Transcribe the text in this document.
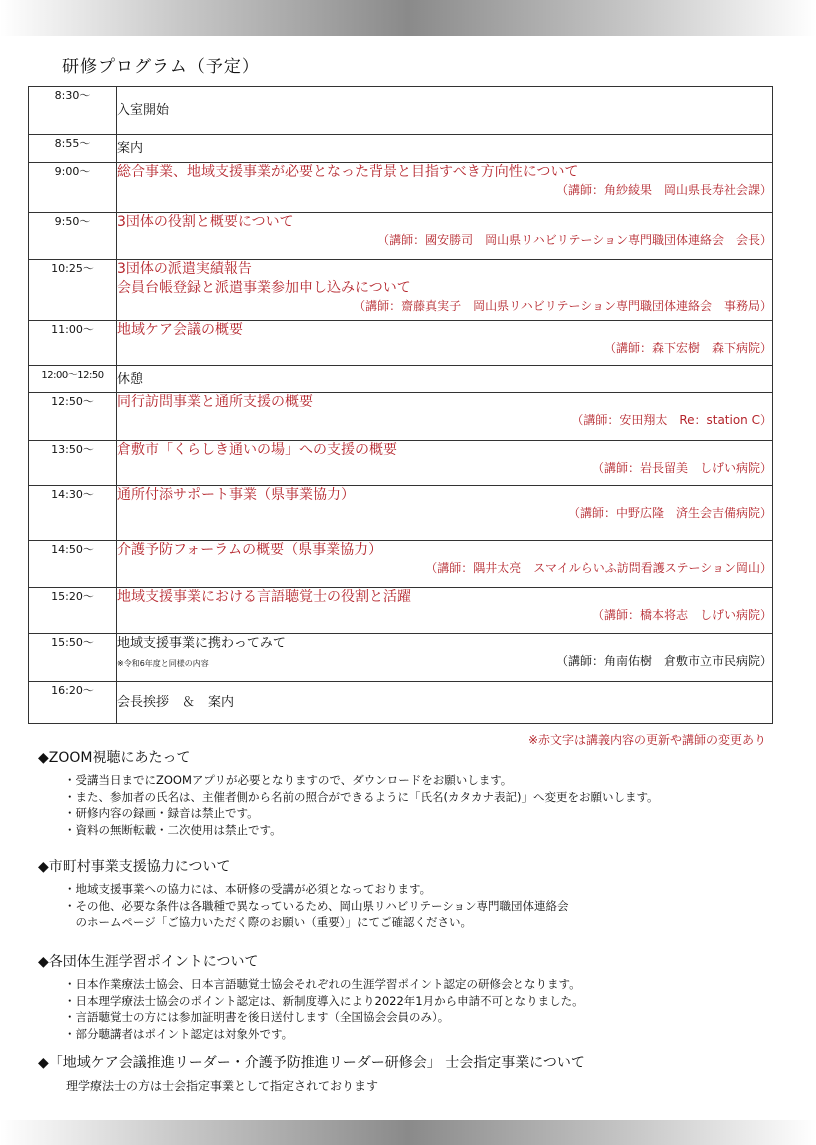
研修プログラム（予定）
8:30～	入室開始

8:55～	案内

9:00～	総合事業、地域支援事業が必要となった背景と目指すべき方向性について
（講師：角紗綾果　岡山県長寿社会課）

9:50～	3団体の役割と概要について
（講師：國安勝司　岡山県リハビリテーション専門職団体連絡会　会長）

10:25～	3団体の派遣実績報告
会員台帳登録と派遣事業参加申し込みについて
（講師：齋藤真実子　岡山県リハビリテーション専門職団体連絡会　事務局）

11:00～	地域ケア会議の概要
（講師：森下宏樹　森下病院）

12:00～12:50	休憩

12:50～	同行訪問事業と通所支援の概要
（講師：安田翔太　Re：station C）

13:50～	倉敷市「くらしき通いの場」への支援の概要
（講師：岩長留美　しげい病院）

14:30～	通所付添サポート事業（県事業協力）
（講師：中野広隆　済生会吉備病院）

14:50～	介護予防フォーラムの概要（県事業協力）
（講師：隅井太亮　スマイルらいふ訪問看護ステーション岡山）

15:20～	地域支援事業における言語聴覚士の役割と活躍
（講師：橋本将志　しげい病院）

15:50～	地域支援事業に携わってみて
※令和6年度と同様の内容 （講師：角南佑樹　倉敷市立市民病院）

16:20～	会長挨拶　＆　案内
※赤文字は講義内容の更新や講師の変更あり
◆ZOOM視聴にあたって
・受講当日までにZOOMアプリが必要となりますので、ダウンロードをお願いします。
・また、参加者の氏名は、主催者側から名前の照合ができるように「氏名(カタカナ表記)」へ変更をお願いします。
・研修内容の録画・録音は禁止です。
・資料の無断転載・二次使用は禁止です。
◆市町村事業支援協力について
・地域支援事業への協力には、本研修の受講が必須となっております。
・その他、必要な条件は各職種で異なっているため、岡山県リハビリテーション専門職団体連絡会
　のホームページ「ご協力いただく際のお願い（重要）」にてご確認ください。
◆各団体生涯学習ポイントについて
・日本作業療法士協会、日本言語聴覚士協会それぞれの生涯学習ポイント認定の研修会となります。
・日本理学療法士協会のポイント認定は、新制度導入により2022年1月から申請不可となりました。
・言語聴覚士の方には参加証明書を後日送付します（全国協会会員のみ）。
・部分聴講者はポイント認定は対象外です。
◆「地域ケア会議推進リーダー・介護予防推進リーダー研修会」 士会指定事業について
理学療法士の方は士会指定事業として指定されております
